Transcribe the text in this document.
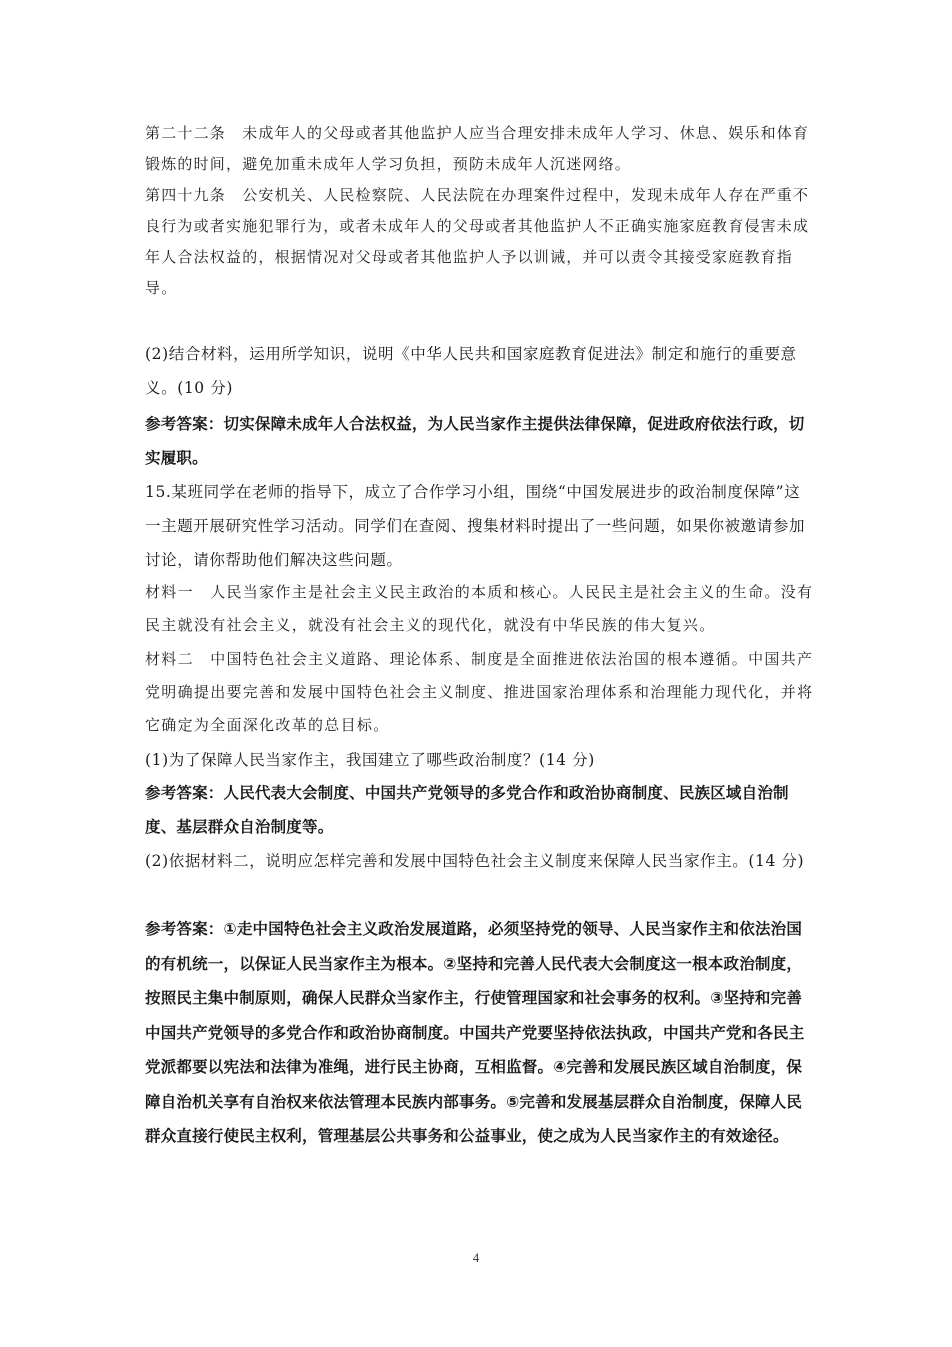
第二十二条　未成年人的父母或者其他监护人应当合理安排未成年人学习、休息、娱乐和体育锻炼的时间，避免加重未成年人学习负担，预防未成年人沉迷网络。
第四十九条　公安机关、人民检察院、人民法院在办理案件过程中，发现未成年人存在严重不良行为或者实施犯罪行为，或者未成年人的父母或者其他监护人不正确实施家庭教育侵害未成年人合法权益的，根据情况对父母或者其他监护人予以训诫，并可以责令其接受家庭教育指导。
(2)结合材料，运用所学知识，说明《中华人民共和国家庭教育促进法》制定和施行的重要意义。(10 分)
参考答案：切实保障未成年人合法权益，为人民当家作主提供法律保障，促进政府依法行政，切实履职。
15.某班同学在老师的指导下，成立了合作学习小组，围绕“中国发展进步的政治制度保障”这一主题开展研究性学习活动。同学们在查阅、搜集材料时提出了一些问题，如果你被邀请参加讨论，请你帮助他们解决这些问题。
材料一　人民当家作主是社会主义民主政治的本质和核心。人民民主是社会主义的生命。没有民主就没有社会主义，就没有社会主义的现代化，就没有中华民族的伟大复兴。
材料二　中国特色社会主义道路、理论体系、制度是全面推进依法治国的根本遵循。中国共产党明确提出要完善和发展中国特色社会主义制度、推进国家治理体系和治理能力现代化，并将它确定为全面深化改革的总目标。
(1)为了保障人民当家作主，我国建立了哪些政治制度？(14 分)
参考答案：人民代表大会制度、中国共产党领导的多党合作和政治协商制度、民族区域自治制度、基层群众自治制度等。
(2)依据材料二，说明应怎样完善和发展中国特色社会主义制度来保障人民当家作主。(14 分)
参考答案：①走中国特色社会主义政治发展道路，必须坚持党的领导、人民当家作主和依法治国的有机统一，以保证人民当家作主为根本。②坚持和完善人民代表大会制度这一根本政治制度，按照民主集中制原则，确保人民群众当家作主，行使管理国家和社会事务的权利。③坚持和完善中国共产党领导的多党合作和政治协商制度。中国共产党要坚持依法执政，中国共产党和各民主党派都要以宪法和法律为准绳，进行民主协商，互相监督。④完善和发展民族区域自治制度，保障自治机关享有自治权来依法管理本民族内部事务。⑤完善和发展基层群众自治制度，保障人民群众直接行使民主权利，管理基层公共事务和公益事业，使之成为人民当家作主的有效途径。
4
